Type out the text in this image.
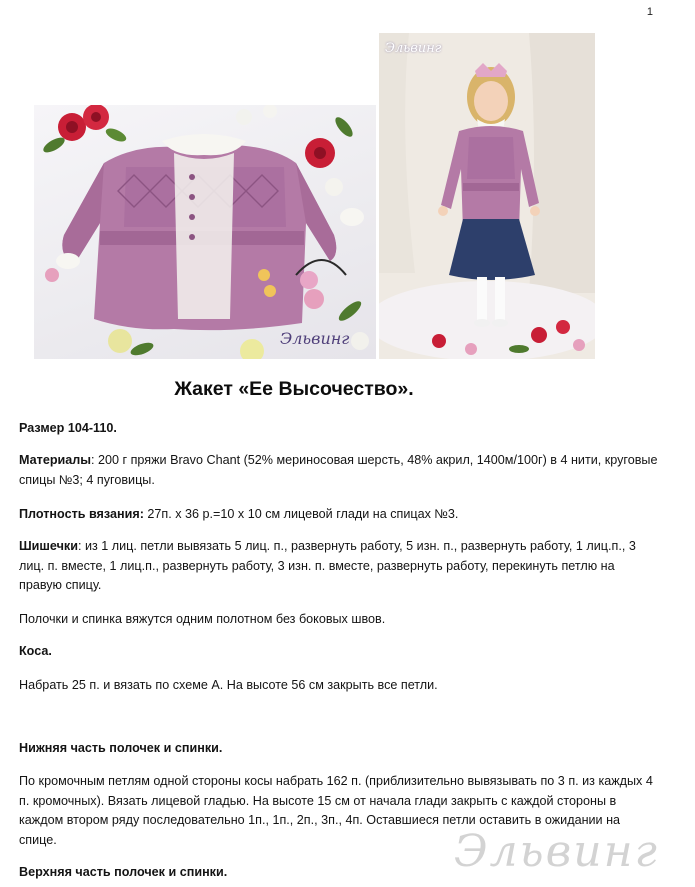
1
Эльвинг
Эльвинг
Жакет «Ее Высочество».
Размер 104-110.
Материалы: 200 г пряжи Bravo Chant (52% мериносовая шерсть, 48% акрил, 1400м/100г) в 4 нити, круговые спицы №3; 4 пуговицы.
Плотность вязания: 27п. х 36 р.=10 х 10 см лицевой глади на спицах №3.
Шишечки: из 1 лиц. петли вывязать 5 лиц. п., развернуть работу, 5 изн. п., развернуть работу, 1 лиц.п., 3 лиц. п. вместе, 1 лиц.п., развернуть работу, 3 изн. п. вместе, развернуть работу, перекинуть петлю на правую спицу.
Полочки и спинка вяжутся одним полотном без боковых швов.
Коса.
Набрать 25 п. и вязать по схеме А. На высоте 56 см закрыть все петли.
Нижняя часть полочек и спинки.
По кромочным петлям одной стороны косы набрать 162 п. (приблизительно вывязывать по 3 п. из каждых 4 п. кромочных). Вязать лицевой гладью. На высоте 15 см от начала глади закрыть с каждой стороны в каждом втором ряду последовательно 1п., 1п., 2п., 3п., 4п. Оставшиеся петли оставить в ожидании на спице.
Верхняя часть полочек и спинки.	Эльвинг
